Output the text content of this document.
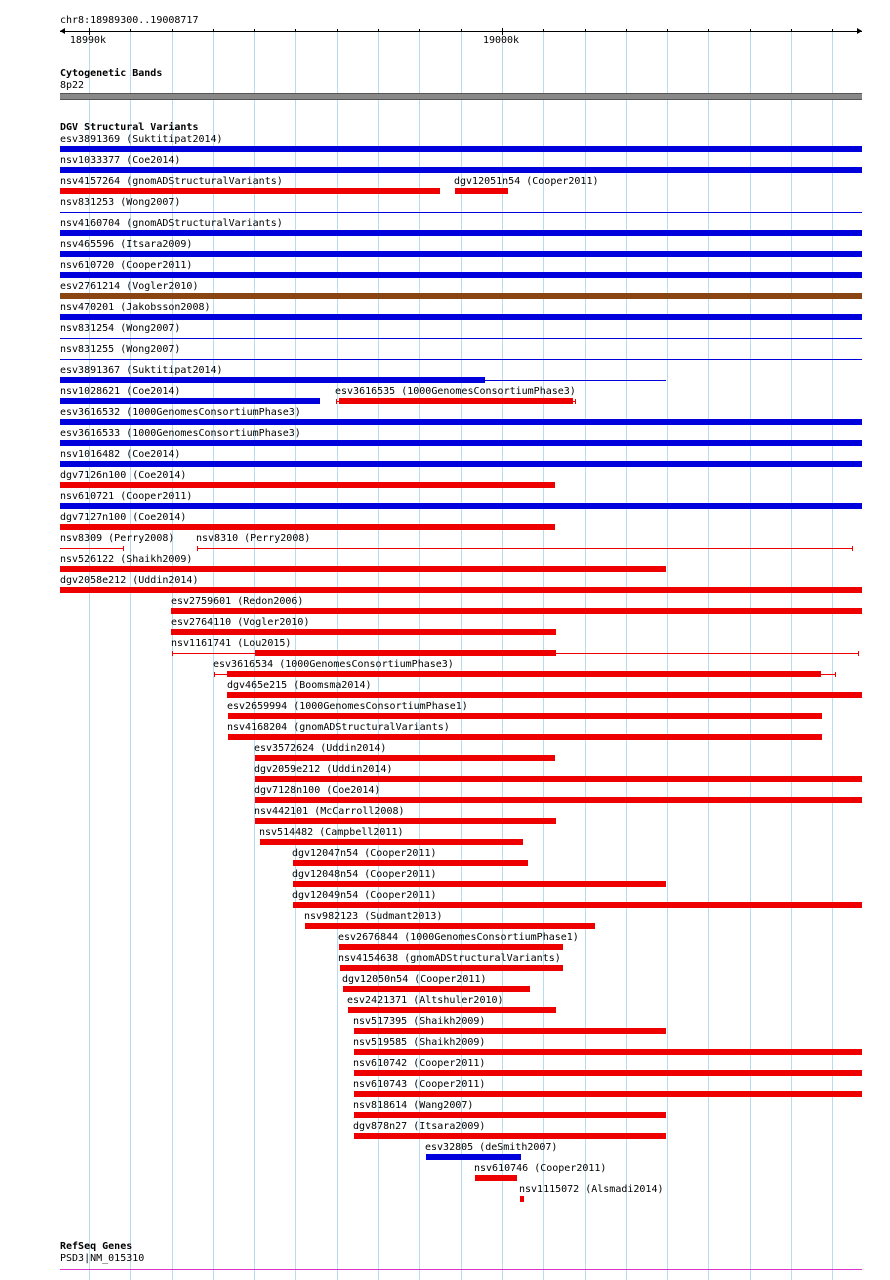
chr8:18989300..19008717
18990k	19000k
Cytogenetic Bands
8p22
DGV Structural Variants
esv3891369 (Suktitipat2014)
nsv1033377 (Coe2014)
nsv4157264 (gnomADStructuralVariants)	dgv12051n54 (Cooper2011)
nsv831253 (Wong2007)
nsv4160704 (gnomADStructuralVariants)
nsv465596 (Itsara2009)
nsv610720 (Cooper2011)
esv2761214 (Vogler2010)
nsv470201 (Jakobsson2008)
nsv831254 (Wong2007)
nsv831255 (Wong2007)
esv3891367 (Suktitipat2014)
nsv1028621 (Coe2014)	esv3616535 (1000GenomesConsortiumPhase3)
esv3616532 (1000GenomesConsortiumPhase3)
esv3616533 (1000GenomesConsortiumPhase3)
nsv1016482 (Coe2014)
dgv7126n100 (Coe2014)
nsv610721 (Cooper2011)
dgv7127n100 (Coe2014)
nsv8309 (Perry2008) nsv8310 (Perry2008)
nsv526122 (Shaikh2009)
dgv2058e212 (Uddin2014)
esv2759601 (Redon2006)
esv2764110 (Vogler2010)
nsv1161741 (Lou2015)
esv3616534 (1000GenomesConsortiumPhase3)
dgv465e215 (Boomsma2014)
esv2659994 (1000GenomesConsortiumPhase1)
nsv4168204 (gnomADStructuralVariants)
esv3572624 (Uddin2014)
dgv2059e212 (Uddin2014)
dgv7128n100 (Coe2014)
nsv442101 (McCarroll2008)
nsv514482 (Campbell2011)
dgv12047n54 (Cooper2011)
dgv12048n54 (Cooper2011)
dgv12049n54 (Cooper2011)
nsv982123 (Sudmant2013)
esv2676844 (1000GenomesConsortiumPhase1)
nsv4154638 (gnomADStructuralVariants)
dgv12050n54 (Cooper2011)
esv2421371 (Altshuler2010)
nsv517395 (Shaikh2009)
nsv519585 (Shaikh2009)
nsv610742 (Cooper2011)
nsv610743 (Cooper2011)
nsv818614 (Wang2007)
dgv878n27 (Itsara2009)
esv32805 (deSmith2007)
nsv610746 (Cooper2011)
nsv1115072 (Alsmadi2014)
RefSeq Genes
PSD3|NM_015310
